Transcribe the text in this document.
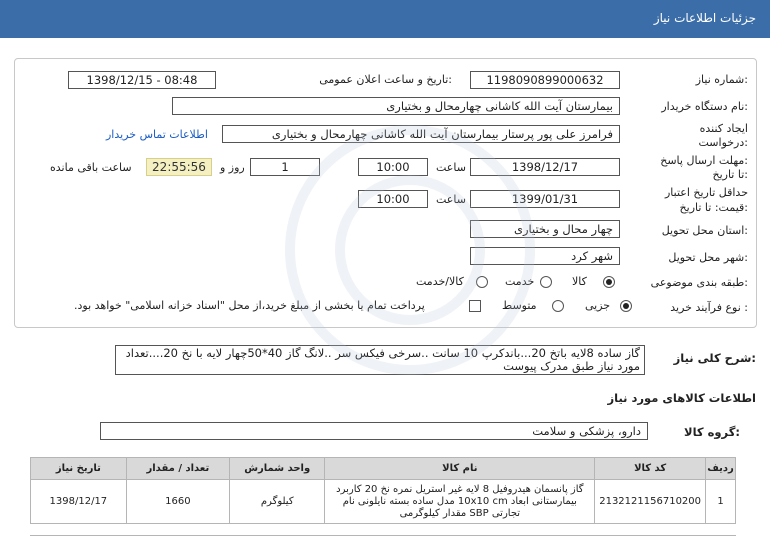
جزئیات اطلاعات نیاز
شماره نیاز:
1198090899000632
تاریخ و ساعت اعلان عمومی:
1398/12/15 - 08:48
نام دستگاه خریدار:
بیمارستان آیت الله کاشانی چهارمحال و بختیاری
ایجاد کننده
درخواست:
فرامرز علی پور پرستار بیمارستان آیت الله کاشانی چهارمحال و بختیاری
اطلاعات تماس خریدار
مهلت ارسال پاسخ:
تا تاریخ:
1398/12/17
ساعت
10:00
1
روز و
22:55:56
ساعت باقی مانده
حداقل تاریخ اعتبار
قیمت: تا تاریخ:
1399/01/31
ساعت
10:00
استان محل تحویل:
چهار محال و بختیاری
شهر محل تحویل:
شهر کرد
طبقه بندی موضوعی:
کالا
خدمت
کالا/خدمت
نوع فرآیند خرید :
جزیی
متوسط
پرداخت تمام یا بخشی از مبلغ خرید،از محل "اسناد خزانه اسلامی" خواهد بود.
شرح کلی نیاز:
گاز ساده 8لایه باتخ 20...باندکرپ 10 سانت ..سرخی فیکس سر ..لانگ گاز 40*50چهار لایه با نخ 20....تعداد مورد نیاز طبق مدرک پیوست
اطلاعات کالاهای مورد نیاز
گروه کالا:
دارو، پزشکی و سلامت
ردیف	کد کالا	نام کالا	واحد شمارش	تعداد / مقدار	تاریخ نیاز
1	2132121156710200	گاز پانسمان هیدروفیل 8 لایه غیر استریل نمره نخ 20 کاربرد بیمارستانی ابعاد 10x10 cm مدل ساده بسته نایلونی نام تجارتی SBP مقدار کیلوگرمی	کیلوگرم	1660	1398/12/17
